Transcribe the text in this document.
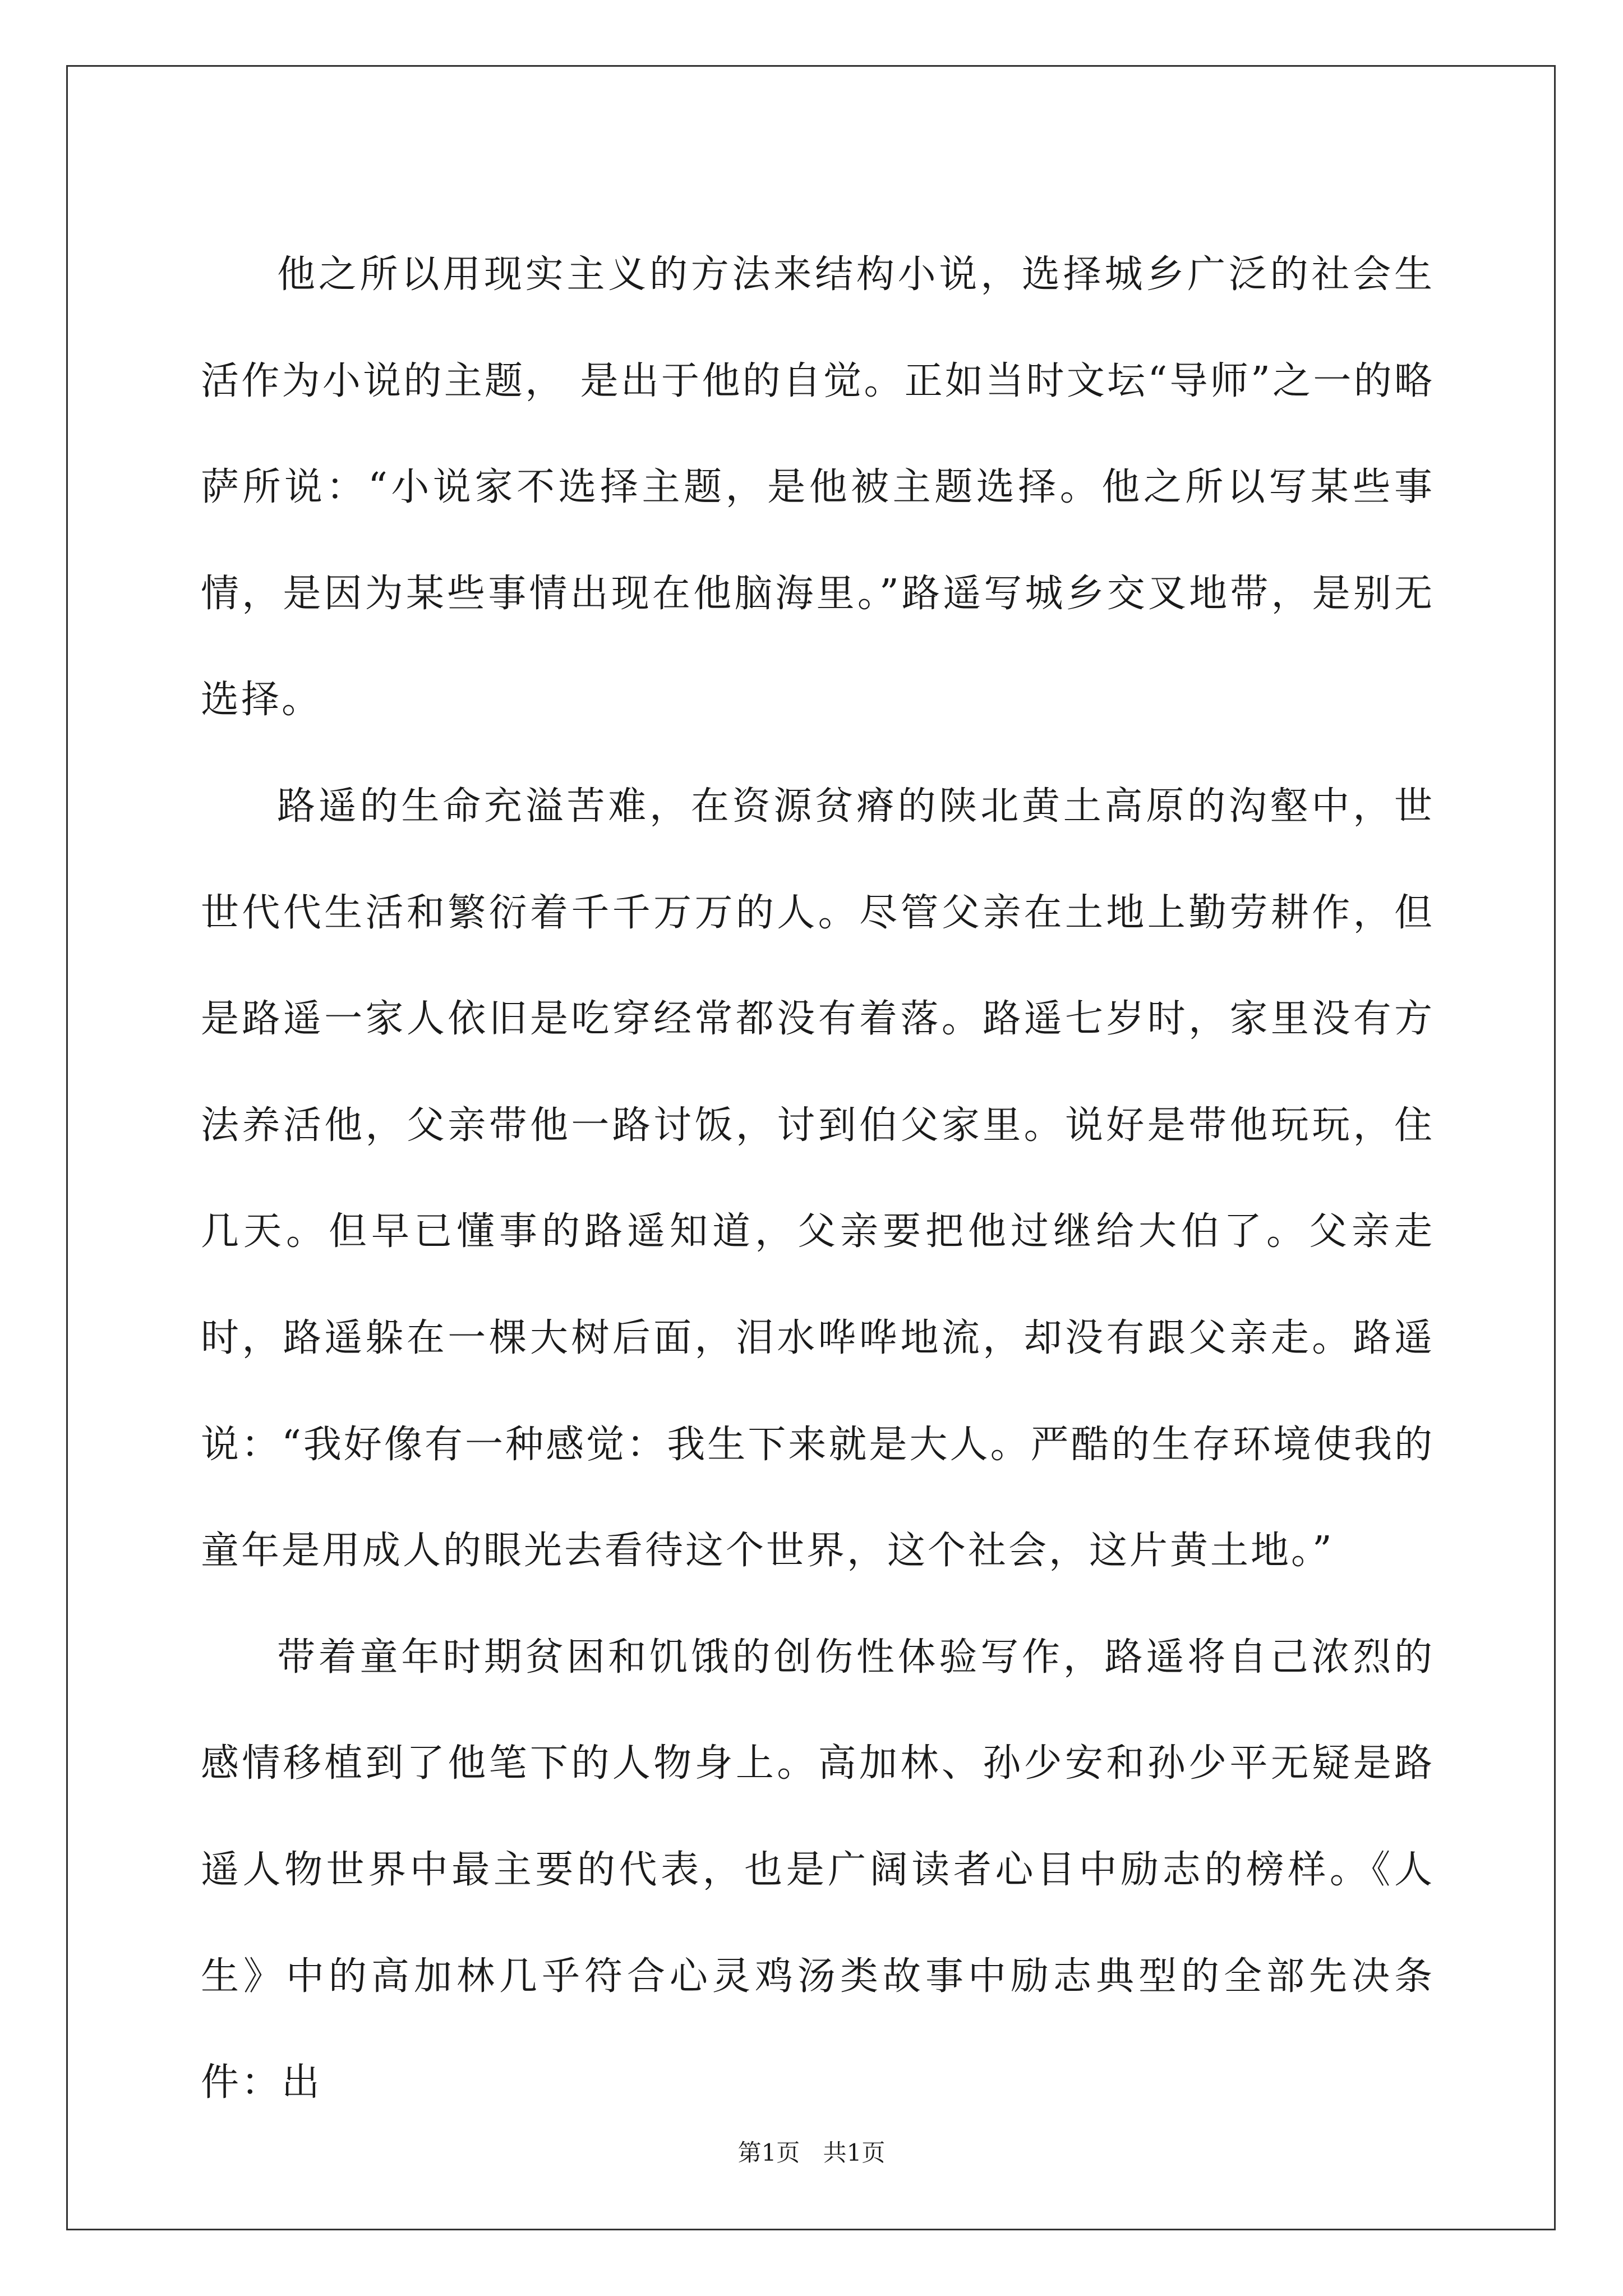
他之所以用现实主义的方法来结构小说，选择城乡广泛的社会生活作为小说的主题， 是出于他的自觉。正如当时文坛“导师”之一的略萨所说：“小说家不选择主题，是他被主题选择。他之所以写某些事情，是因为某些事情出现在他脑海里。”路遥写城乡交叉地带，是别无选择。

路遥的生命充溢苦难，在资源贫瘠的陕北黄土高原的沟壑中，世世代代生活和繁衍着千千万万的人。尽管父亲在土地上勤劳耕作，但是路遥一家人依旧是吃穿经常都没有着落。路遥七岁时，家里没有方法养活他，父亲带他一路讨饭，讨到伯父家里。说好是带他玩玩，住几天。但早已懂事的路遥知道，父亲要把他过继给大伯了。父亲走时，路遥躲在一棵大树后面，泪水哗哗地流，却没有跟父亲走。路遥说：“我好像有一种感觉：我生下来就是大人。严酷的生存环境使我的童年是用成人的眼光去看待这个世界，这个社会，这片黄土地。”

带着童年时期贫困和饥饿的创伤性体验写作，路遥将自己浓烈的感情移植到了他笔下的人物身上。高加林、孙少安和孙少平无疑是路遥人物世界中最主要的代表，也是广阔读者心目中励志的榜样。《人生》中的高加林几乎符合心灵鸡汤类故事中励志典型的全部先决条件：出

第1页 共1页
